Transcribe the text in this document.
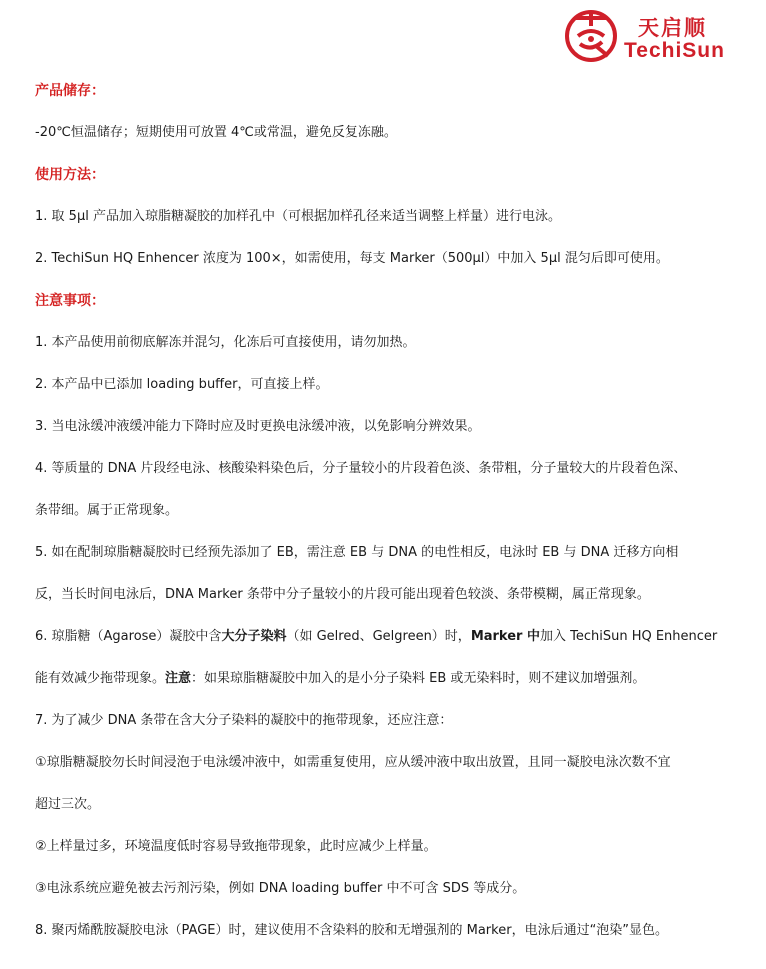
天启顺
TechiSun
产品储存：
-20℃恒温储存；短期使用可放置 4℃或常温，避免反复冻融。
使用方法：
1. 取 5μl 产品加入琼脂糖凝胶的加样孔中（可根据加样孔径来适当调整上样量）进行电泳。
2. TechiSun HQ Enhencer 浓度为 100×，如需使用，每支 Marker（500μl）中加入 5μl 混匀后即可使用。
注意事项：
1. 本产品使用前彻底解冻并混匀，化冻后可直接使用，请勿加热。
2. 本产品中已添加 loading buffer，可直接上样。
3. 当电泳缓冲液缓冲能力下降时应及时更换电泳缓冲液，以免影响分辨效果。
4. 等质量的 DNA 片段经电泳、核酸染料染色后，分子量较小的片段着色淡、条带粗，分子量较大的片段着色深、
条带细。属于正常现象。
5. 如在配制琼脂糖凝胶时已经预先添加了 EB，需注意 EB 与 DNA 的电性相反，电泳时 EB 与 DNA 迁移方向相
反，当长时间电泳后，DNA Marker 条带中分子量较小的片段可能出现着色较淡、条带模糊，属正常现象。
6. 琼脂糖（Agarose）凝胶中含大分子染料（如 Gelred、Gelgreen）时，Marker 中加入 TechiSun HQ Enhencer
能有效减少拖带现象。注意：如果琼脂糖凝胶中加入的是小分子染料 EB 或无染料时，则不建议加增强剂。
7. 为了减少 DNA 条带在含大分子染料的凝胶中的拖带现象，还应注意：
①琼脂糖凝胶勿长时间浸泡于电泳缓冲液中，如需重复使用，应从缓冲液中取出放置，且同一凝胶电泳次数不宜
超过三次。
②上样量过多，环境温度低时容易导致拖带现象，此时应减少上样量。
③电泳系统应避免被去污剂污染，例如 DNA loading buffer 中不可含 SDS 等成分。
8. 聚丙烯酰胺凝胶电泳（PAGE）时，建议使用不含染料的胶和无增强剂的 Marker，电泳后通过“泡染”显色。
